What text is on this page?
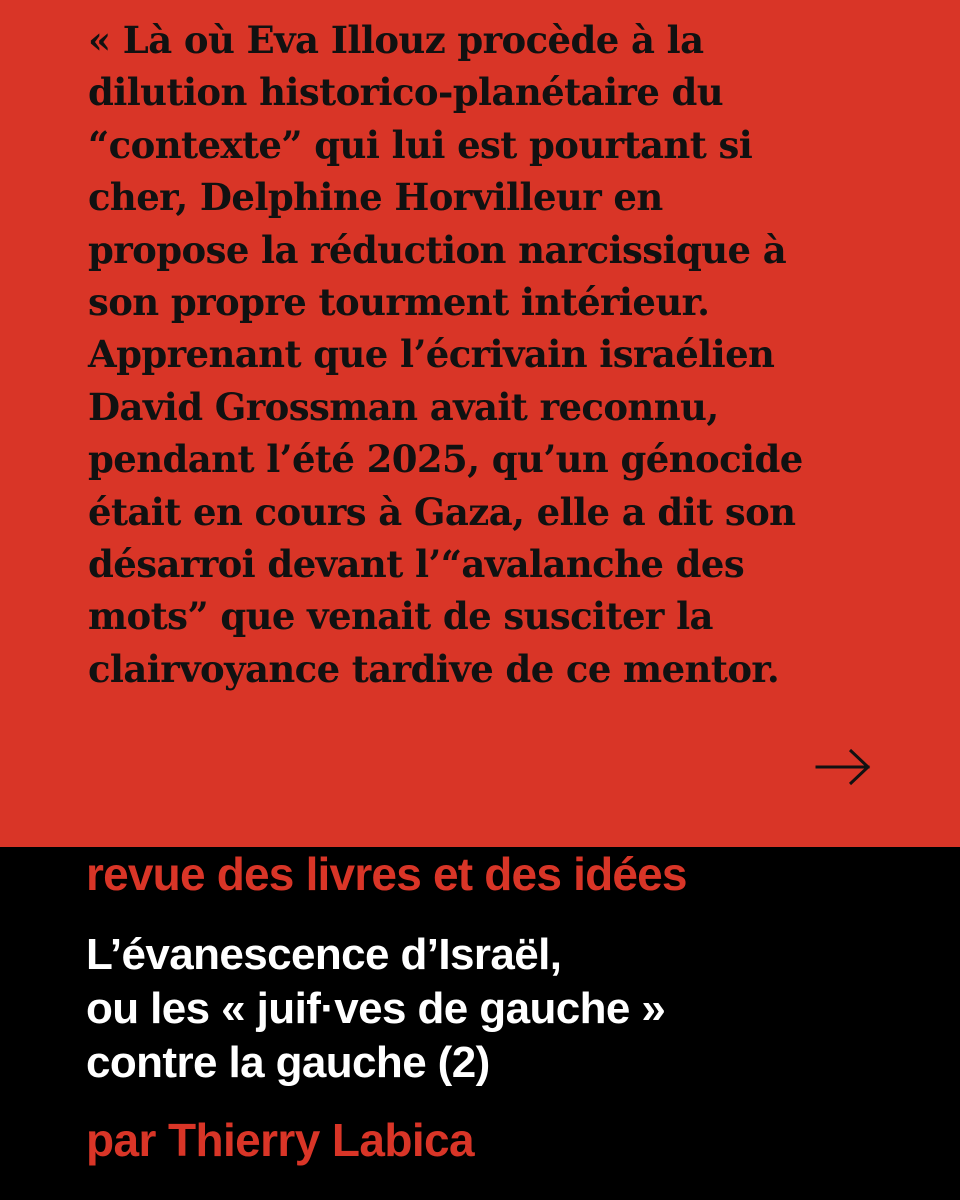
« Là où Eva Illouz procède à la
dilution historico-planétaire du
“contexte” qui lui est pourtant si
cher, Delphine Horvilleur en
propose la réduction narcissique à
son propre tourment intérieur.
Apprenant que l’écrivain israélien
David Grossman avait reconnu,
pendant l’été 2025, qu’un génocide
était en cours à Gaza, elle a dit son
désarroi devant l’“avalanche des
mots” que venait de susciter la
clairvoyance tardive de ce mentor.

revue des livres et des idées
L’évanescence d’Israël,
ou les « juif·ves de gauche »
contre la gauche (2)
par Thierry Labica
